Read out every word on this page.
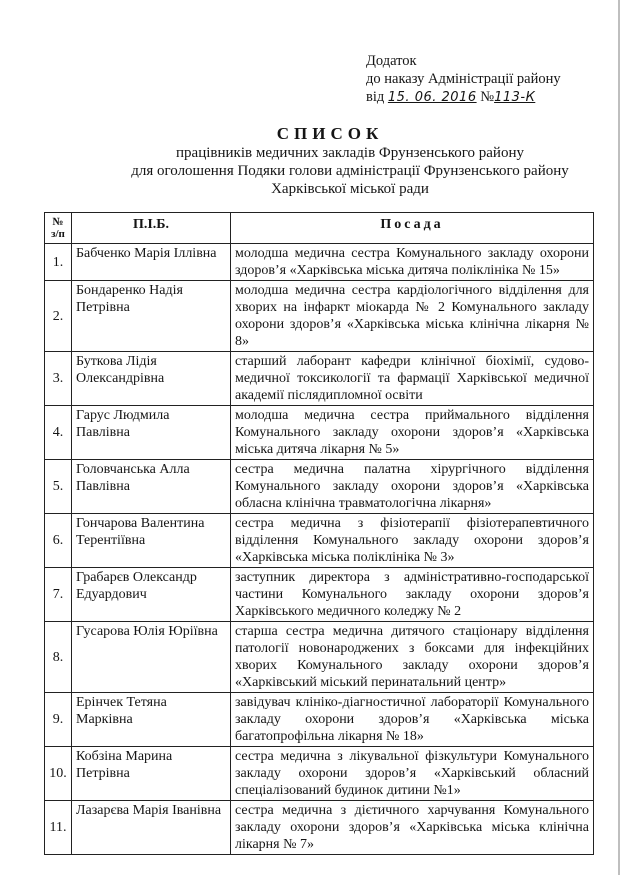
Додаток
до наказу Адміністрації району
від 15. 06. 2016 №113-К
СПИСОК
працівників медичних закладів Фрунзенського району
для оголошення Подяки голови адміністрації Фрунзенського району
Харківської міської ради
№
з/п	П.І.Б.	Посада
1.	Бабченко Марія Іллівна	молодша медична сестра Комунального закладу охорони здоров’я «Харківська міська дитяча поліклініка № 15»
2.	Бондаренко Надія Петрівна	молодша медична сестра кардіологічного відділення для хворих на інфаркт міокарда № 2 Комунального закладу охорони здоров’я «Харківська міська клінічна лікарня № 8»
3.	Буткова Лідія Олександрівна	старший лаборант кафедри клінічної біохімії, судово-медичної токсикології та фармації Харківської медичної академії післядипломної освіти
4.	Гарус Людмила Павлівна	молодша медична сестра приймального відділення Комунального закладу охорони здоров’я «Харківська міська дитяча лікарня № 5»
5.	Головчанська Алла Павлівна	сестра медична палатна хірургічного відділення Комунального закладу охорони здоров’я «Харківська обласна клінічна травматологічна лікарня»
6.	Гончарова Валентина Терентіївна	сестра медична з фізіотерапії фізіотерапевтичного відділення Комунального закладу охорони здоров’я «Харківська міська поліклініка № 3»
7.	Грабарєв Олександр Едуардович	заступник директора з адміністративно-господарської частини Комунального закладу охорони здоров’я Харківського медичного коледжу № 2
8.	Гусарова Юлія Юріївна	старша сестра медична дитячого стаціонару відділення патології новонароджених з боксами для інфекційних хворих Комунального закладу охорони здоров’я «Харківський міський перинатальний центр»
9.	Ерінчек Тетяна Марківна	завідувач клініко-діагностичної лабораторії Комунального закладу охорони здоров’я «Харківська міська багатопрофільна лікарня № 18»
10.	Кобзіна Марина Петрівна	сестра медична з лікувальної фізкультури Комунального закладу охорони здоров’я «Харківський обласний спеціалізований будинок дитини №1»
11.	Лазарєва Марія Іванівна	сестра медична з дієтичного харчування Комунального закладу охорони здоров’я «Харківська міська клінічна лікарня № 7»
